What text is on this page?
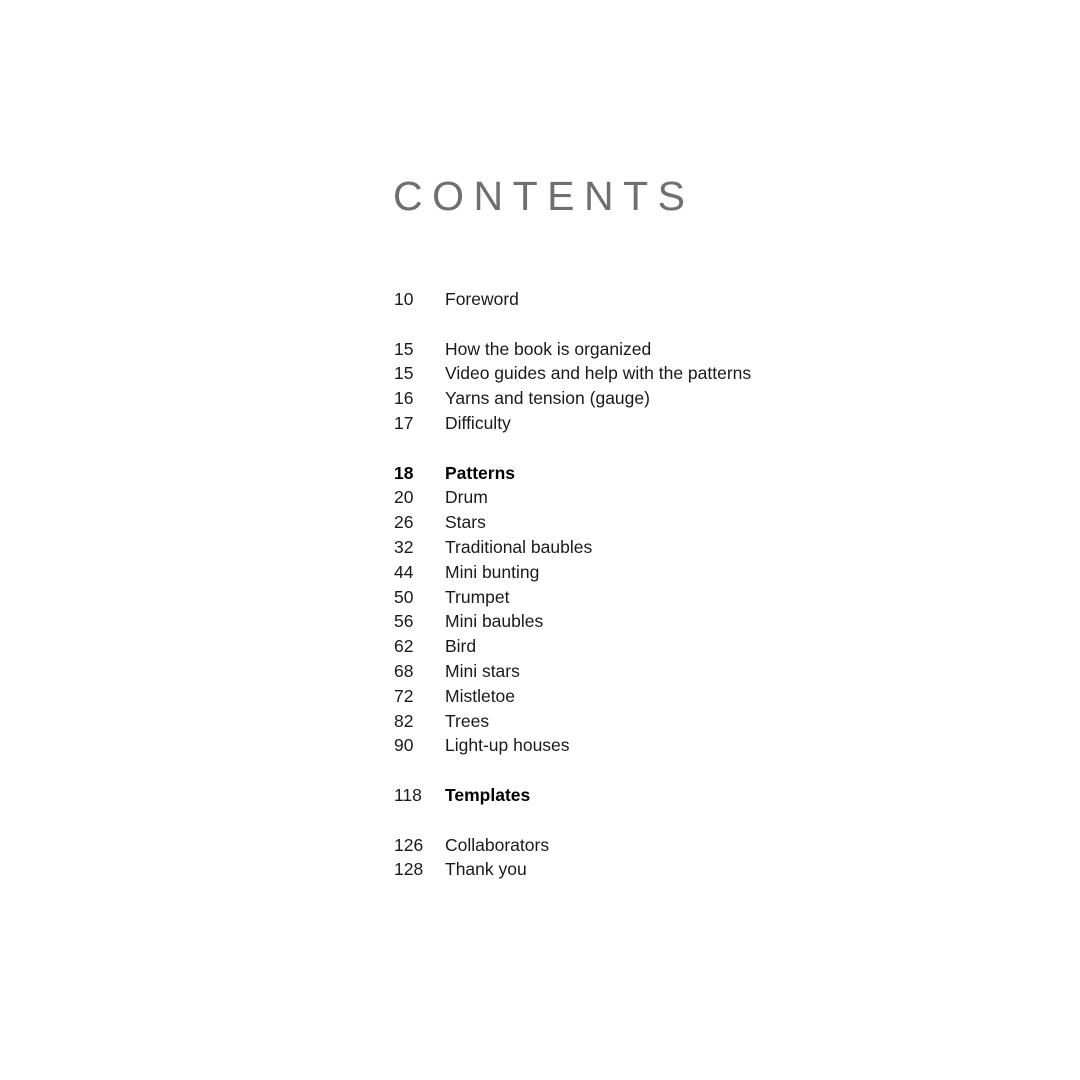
CONTENTS
10	Foreword
15	How the book is organized
15	Video guides and help with the patterns
16	Yarns and tension (gauge)
17	Difficulty
18	Patterns
20	Drum
26	Stars
32	Traditional baubles
44	Mini bunting
50	Trumpet
56	Mini baubles
62	Bird
68	Mini stars
72	Mistletoe
82	Trees
90	Light-up houses
118	Templates
126	Collaborators
128	Thank you
